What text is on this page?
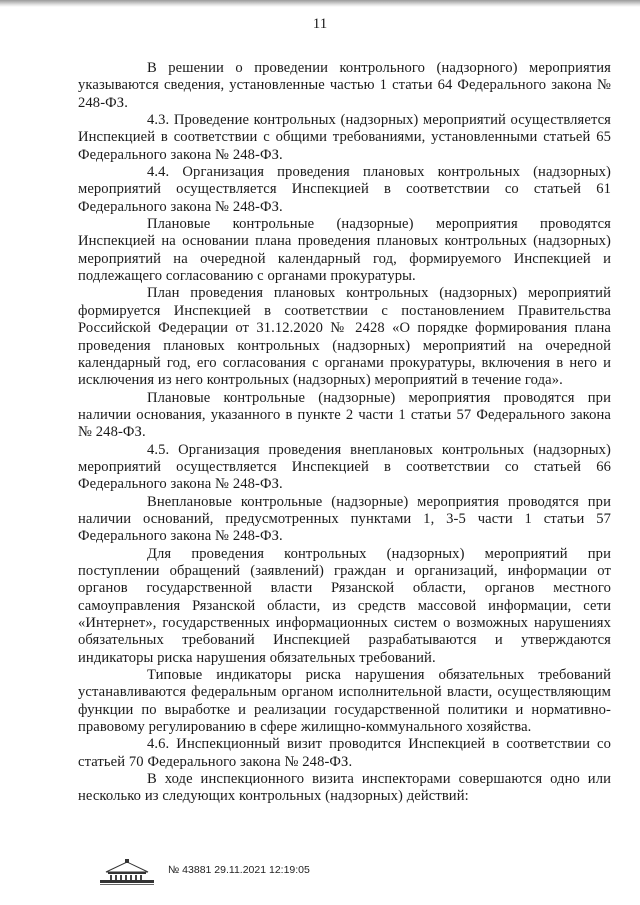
11

В решении о проведении контрольного (надзорного) мероприятия указываются сведения, установленные частью 1 статьи 64 Федерального закона № 248-ФЗ.

4.3. Проведение контрольных (надзорных) мероприятий осуществляется Инспекцией в соответствии с общими требованиями, установленными статьей 65 Федерального закона № 248-ФЗ.

4.4. Организация проведения плановых контрольных (надзорных) мероприятий осуществляется Инспекцией в соответствии со статьей 61 Федерального закона № 248-ФЗ.

Плановые контрольные (надзорные) мероприятия проводятся Инспекцией на основании плана проведения плановых контрольных (надзорных) мероприятий на очередной календарный год, формируемого Инспекцией и подлежащего согласованию с органами прокуратуры.

План проведения плановых контрольных (надзорных) мероприятий формируется Инспекцией в соответствии с постановлением Правительства Российской Федерации от 31.12.2020 № 2428 «О порядке формирования плана проведения плановых контрольных (надзорных) мероприятий на очередной календарный год, его согласования с органами прокуратуры, включения в него и исключения из него контрольных (надзорных) мероприятий в течение года».

Плановые контрольные (надзорные) мероприятия проводятся при наличии основания, указанного в пункте 2 части 1 статьи 57 Федерального закона № 248-ФЗ.

4.5. Организация проведения внеплановых контрольных (надзорных) мероприятий осуществляется Инспекцией в соответствии со статьей 66 Федерального закона № 248-ФЗ.

Внеплановые контрольные (надзорные) мероприятия проводятся при наличии оснований, предусмотренных пунктами 1, 3-5 части 1 статьи 57 Федерального закона № 248-ФЗ.

Для проведения контрольных (надзорных) мероприятий при поступлении обращений (заявлений) граждан и организаций, информации от органов государственной власти Рязанской области, органов местного самоуправления Рязанской области, из средств массовой информации, сети «Интернет», государственных информационных систем о возможных нарушениях обязательных требований Инспекцией разрабатываются и утверждаются индикаторы риска нарушения обязательных требований.

Типовые индикаторы риска нарушения обязательных требований устанавливаются федеральным органом исполнительной власти, осуществляющим функции по выработке и реализации государственной политики и нормативно-правовому регулированию в сфере жилищно-коммунального хозяйства.

4.6. Инспекционный визит проводится Инспекцией в соответствии со статьей 70 Федерального закона № 248-ФЗ.

В ходе инспекционного визита инспекторами совершаются одно или несколько из следующих контрольных (надзорных) действий:

№ 43881 29.11.2021 12:19:05
